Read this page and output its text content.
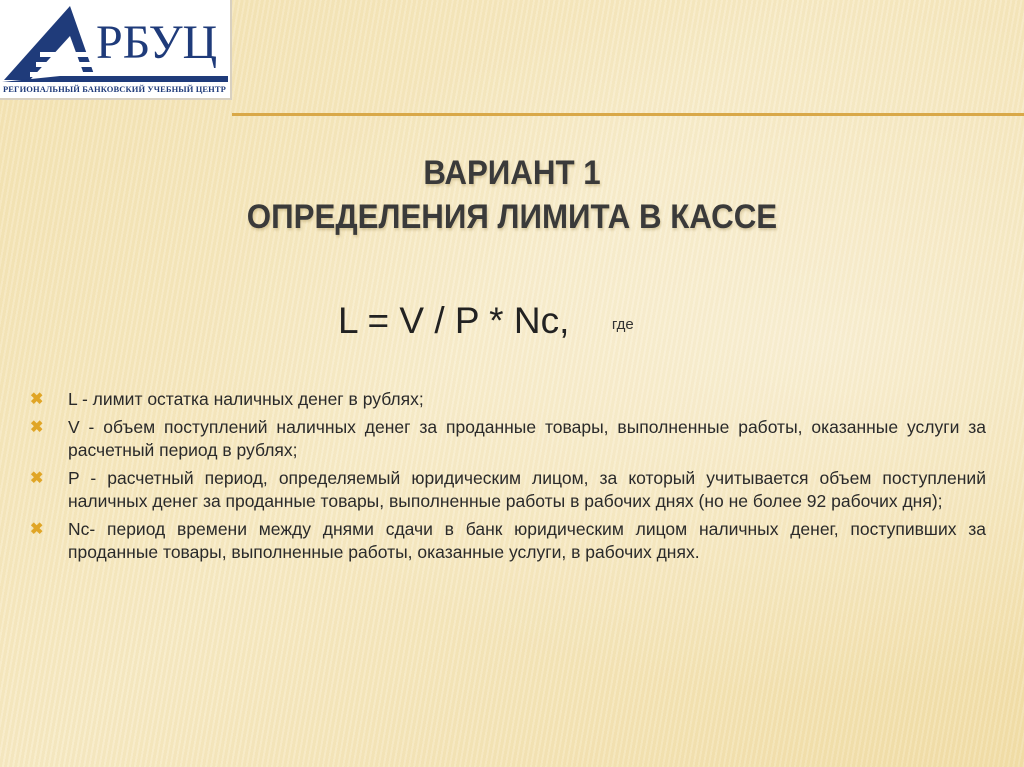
РБУЦ
РЕГИОНАЛЬНЫЙ БАНКОВСКИЙ УЧЕБНЫЙ ЦЕНТР
ВАРИАНТ 1
ОПРЕДЕЛЕНИЯ ЛИМИТА В КАССЕ
L = V / P * Nc,	где
✖ L - лимит остатка наличных денег в рублях;
✖ V - объем поступлений наличных денег за проданные товары, выполненные работы, оказанные услуги за расчетный период в рублях;
✖ P - расчетный период, определяемый юридическим лицом, за который учитывается объем поступлений наличных денег за проданные товары, выполненные работы в рабочих днях (но не более 92 рабочих дня);
✖ Nc- период времени между днями сдачи в банк юридическим лицом наличных денег, поступивших за проданные товары, выполненные работы, оказанные услуги, в рабочих днях.
